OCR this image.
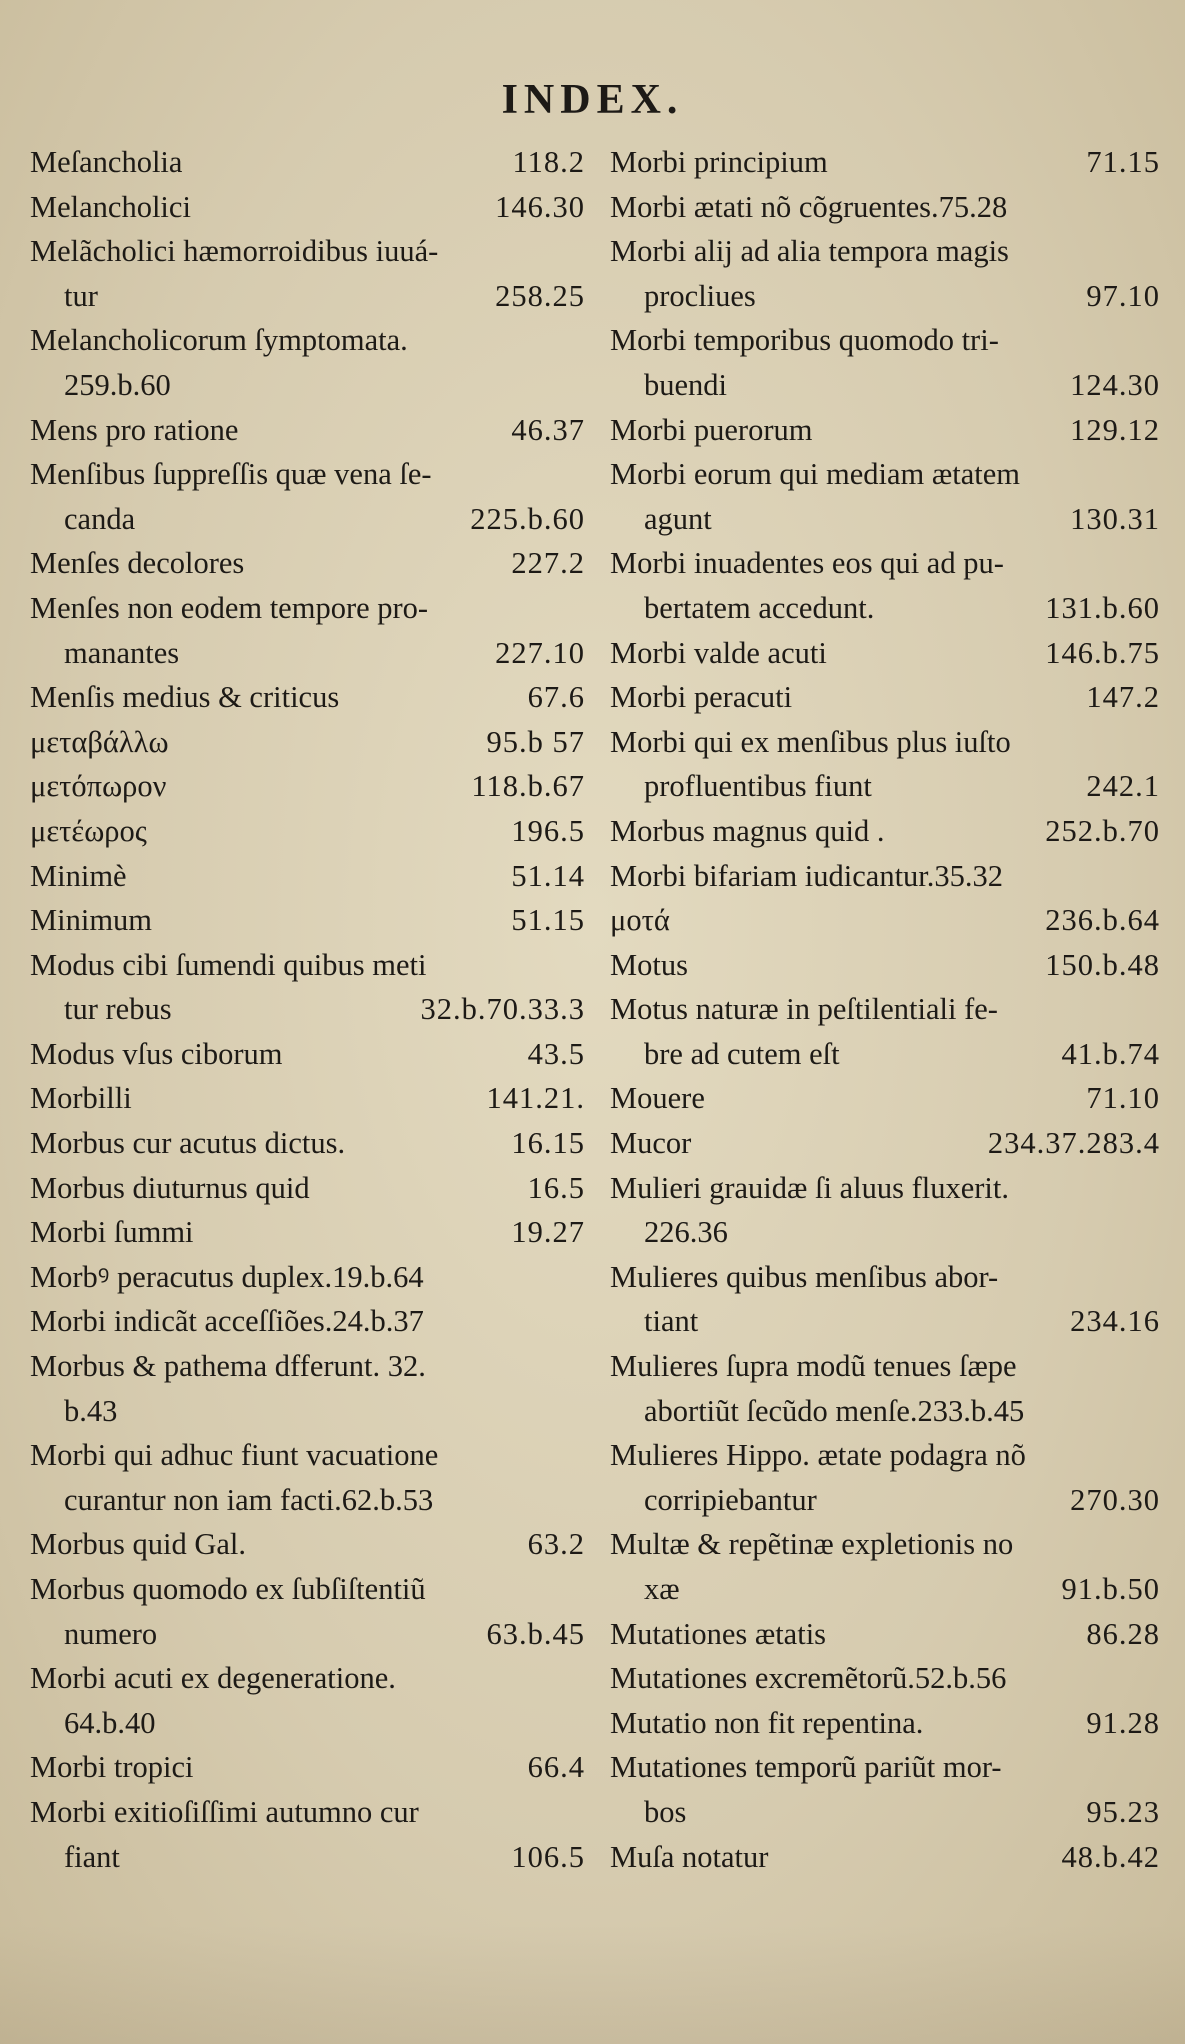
INDEX.
Meſancholia	118.2
Melancholici	146.30
Melãcholici hæmorroidibus iuuá-
tur	258.25
Melancholicorum ſymptomata.
259.b.60
Mens pro ratione	46.37
Menſibus ſuppreſſis quæ vena ſe-
canda	225.b.60
Menſes decolores	227.2
Menſes non eodem tempore pro-
manantes	227.10
Menſis medius & criticus	67.6
μεταβάλλω	95.b 57
μετόπωρον	118.b.67
μετέωρος	196.5
Minimè	51.14
Minimum	51.15
Modus cibi ſumendi quibus meti
tur rebus	32.b.70.33.3
Modus vſus ciborum	43.5
Morbilli	141.21.
Morbus cur acutus dictus.	16.15
Morbus diuturnus quid	16.5
Morbi ſummi	19.27
Morbꝰ peracutus duplex.19.b.64
Morbi indicãt acceſſiões.24.b.37
Morbus & pathema dfferunt. 32.
b.43
Morbi qui adhuc fiunt vacuatione
curantur non iam facti.62.b.53
Morbus quid Gal.	63.2
Morbus quomodo ex ſubſiſtentiũ
numero	63.b.45
Morbi acuti ex degeneratione.
64.b.40
Morbi tropici	66.4
Morbi exitioſiſſimi autumno cur
fiant	106.5
Morbi principium	71.15
Morbi ætati nõ cõgruentes.75.28
Morbi alij ad alia tempora magis
procliues	97.10
Morbi temporibus quomodo tri-
buendi	124.30
Morbi puerorum	129.12
Morbi eorum qui mediam ætatem
agunt	130.31
Morbi inuadentes eos qui ad pu-
bertatem accedunt.	131.b.60
Morbi valde acuti	146.b.75
Morbi peracuti	147.2
Morbi qui ex menſibus plus iuſto
profluentibus fiunt	242.1
Morbus magnus quid .	252.b.70
Morbi bifariam iudicantur.35.32
μοτά	236.b.64
Motus	150.b.48
Motus naturæ in peſtilentiali fe-
bre ad cutem eſt	41.b.74
Mouere	71.10
Mucor	234.37.283.4
Mulieri grauidæ ſi aluus fluxerit.
226.36
Mulieres quibus menſibus abor-
tiant	234.16
Mulieres ſupra modũ tenues ſæpe
abortiũt ſecũdo menſe.233.b.45
Mulieres Hippo. ætate podagra nõ
corripiebantur	270.30
Multæ & repẽtinæ expletionis no
xæ	91.b.50
Mutationes ætatis	86.28
Mutationes excremẽtorũ.52.b.56
Mutatio non fit repentina.	91.28
Mutationes temporũ pariũt mor-
bos	95.23
Muſa notatur	48.b.42
